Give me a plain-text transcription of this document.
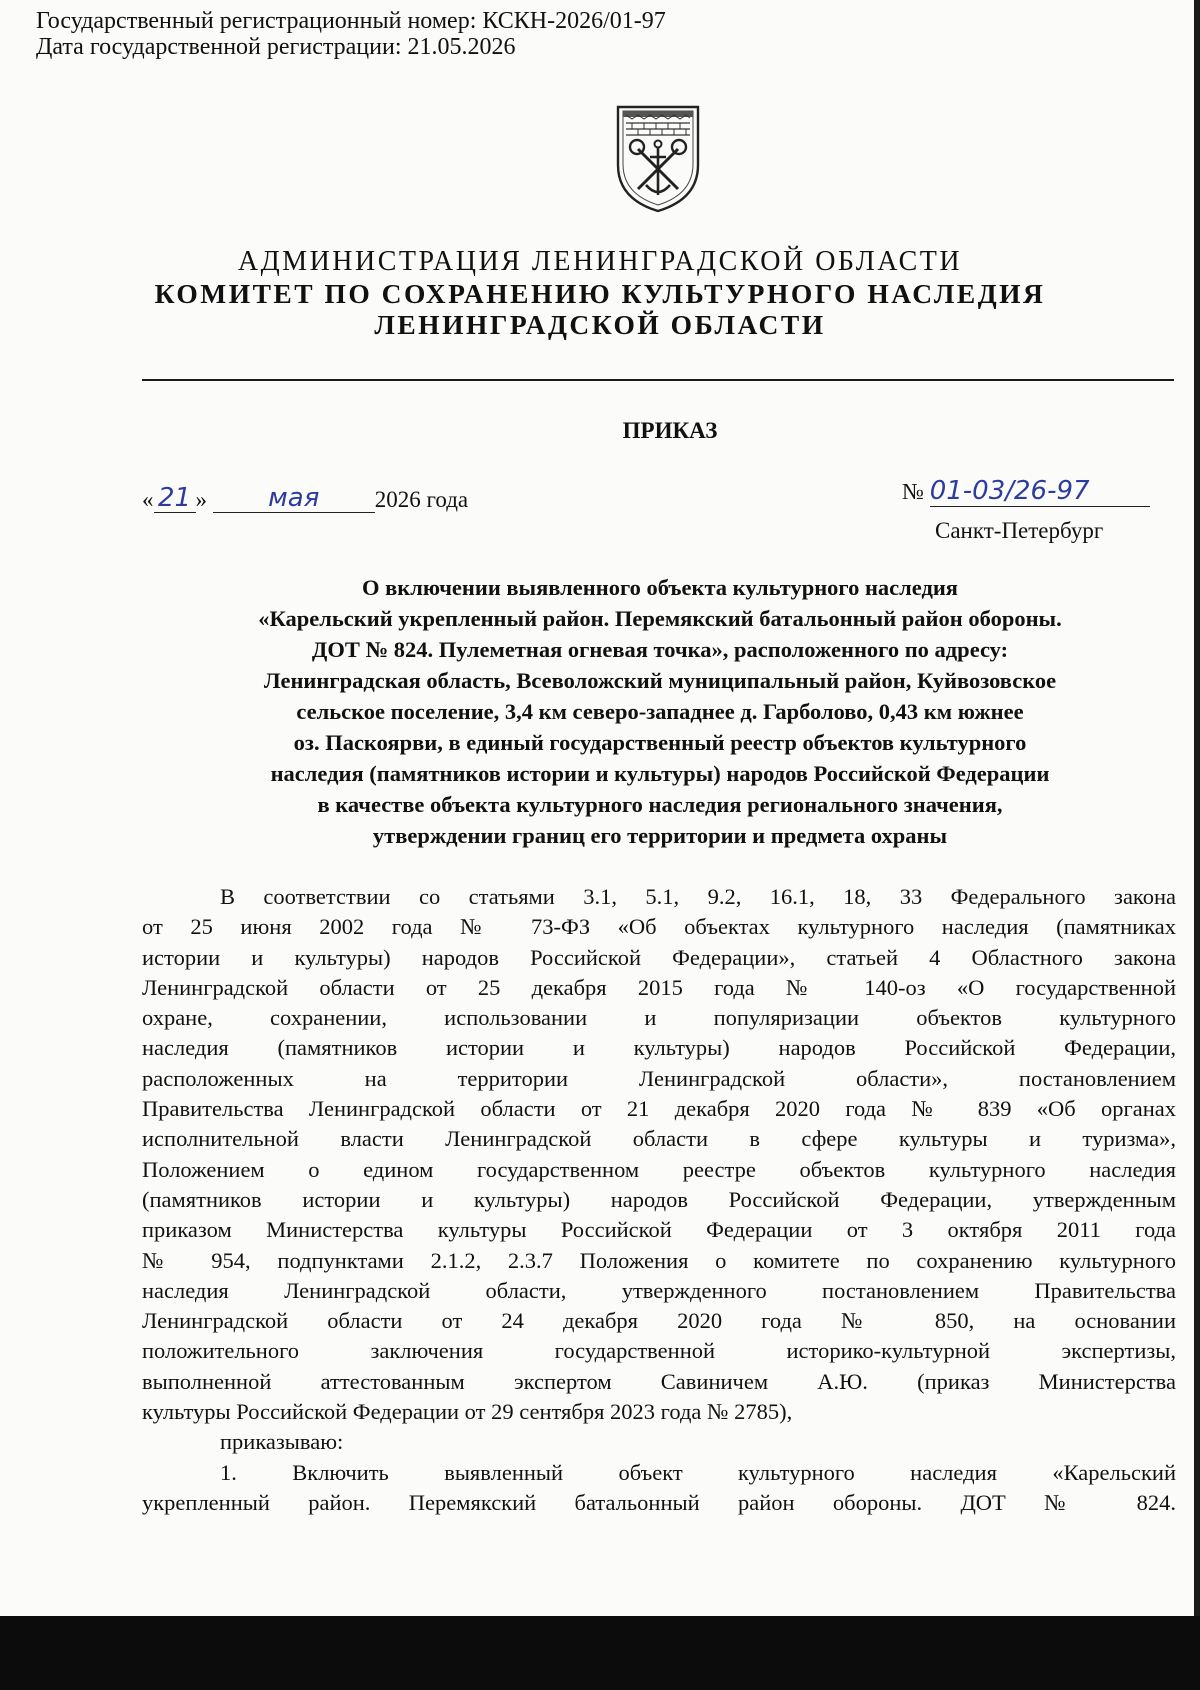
Государственный регистрационный номер: КСКН-2026/01-97
Дата государственной регистрации: 21.05.2026
АДМИНИСТРАЦИЯ ЛЕНИНГРАДСКОЙ ОБЛАСТИ
КОМИТЕТ ПО СОХРАНЕНИЮ КУЛЬТУРНОГО НАСЛЕДИЯ
ЛЕНИНГРАДСКОЙ ОБЛАСТИ
ПРИКАЗ
« 21 » мая 2026 года	№ 01-03/26-97
Санкт-Петербург
О включении выявленного объекта культурного наследия
«Карельский укрепленный район. Перемякский батальонный район обороны.
ДОТ № 824. Пулеметная огневая точка», расположенного по адресу:
Ленинградская область, Всеволожский муниципальный район, Куйвозовское
сельское поселение, 3,4 км северо-западнее д. Гарболово, 0,43 км южнее
оз. Паскоярви, в единый государственный реестр объектов культурного
наследия (памятников истории и культуры) народов Российской Федерации
в качестве объекта культурного наследия регионального значения,
утверждении границ его территории и предмета охраны
В соответствии со статьями 3.1, 5.1, 9.2, 16.1, 18, 33 Федерального закона
от 25 июня 2002 года № 73-ФЗ «Об объектах культурного наследия (памятниках
истории и культуры) народов Российской Федерации», статьей 4 Областного закона
Ленинградской области от 25 декабря 2015 года № 140-оз «О государственной
охране, сохранении, использовании и популяризации объектов культурного
наследия (памятников истории и культуры) народов Российской Федерации,
расположенных на территории Ленинградской области», постановлением
Правительства Ленинградской области от 21 декабря 2020 года № 839 «Об органах
исполнительной власти Ленинградской области в сфере культуры и туризма»,
Положением о едином государственном реестре объектов культурного наследия
(памятников истории и культуры) народов Российской Федерации, утвержденным
приказом Министерства культуры Российской Федерации от 3 октября 2011 года
№ 954, подпунктами 2.1.2, 2.3.7 Положения о комитете по сохранению культурного
наследия Ленинградской области, утвержденного постановлением Правительства
Ленинградской области от 24 декабря 2020 года № 850, на основании
положительного заключения государственной историко-культурной экспертизы,
выполненной аттестованным экспертом Савиничем А.Ю. (приказ Министерства
культуры Российской Федерации от 29 сентября 2023 года № 2785),
приказываю:
1. Включить выявленный объект культурного наследия «Карельский
укрепленный район. Перемякский батальонный район обороны. ДОТ № 824.
